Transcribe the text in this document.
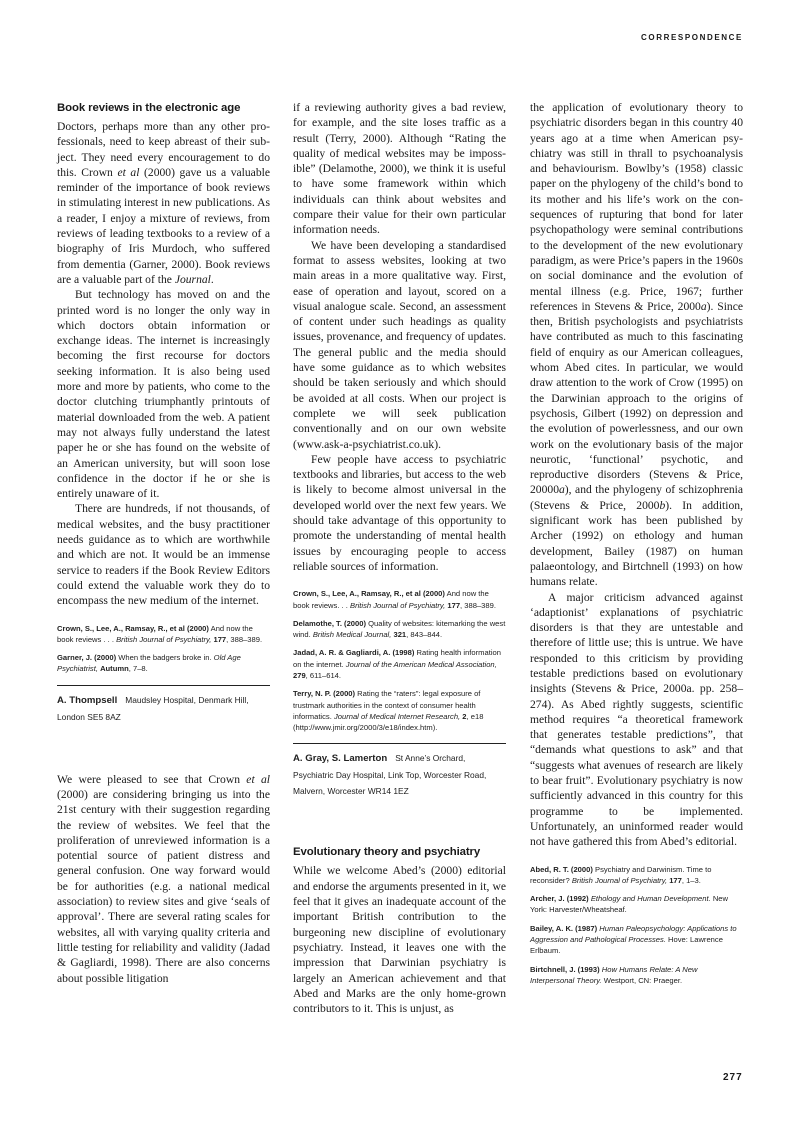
CORRESPONDENCE
Book reviews in the electronic age

Doctors, perhaps more than any other professionals, need to keep abreast of their subject. They need every encouragement to do this. Crown et al (2000) gave us a valuable reminder of the importance of book reviews in stimulating interest in new publications. As a reader, I enjoy a mixture of reviews, from reviews of leading textbooks to a review of a biography of Iris Murdoch, who suffered from dementia (Garner, 2000). Book reviews are a valuable part of the Journal.

But technology has moved on and the printed word is no longer the only way in which doctors obtain information or exchange ideas. The internet is increasingly becoming the first recourse for doctors seeking information. It is also being used more and more by patients, who come to the doctor clutching triumphantly printouts of material downloaded from the web. A patient may not always fully understand the latest paper he or she has found on the website of an American university, but will soon lose confidence in the doctor if he or she is entirely unaware of it.

There are hundreds, if not thousands, of medical websites, and the busy practitioner needs guidance as to which are worthwhile and which are not. It would be an immense service to readers if the Book Review Editors could extend the valuable work they do to encompass the new medium of the internet.

Crown, S., Lee, A., Ramsay, R., et al (2000) And now the book reviews . . . British Journal of Psychiatry, 177, 388–389.
Garner, J. (2000) When the badgers broke in. Old Age Psychiatrist, Autumn, 7–8.
A. Thompsell Maudsley Hospital, Denmark Hill, London SE5 8AZ

We were pleased to see that Crown et al (2000) are considering bringing us into the 21st century with their suggestion regarding the review of websites. We feel that the proliferation of unreviewed information is a potential source of patient distress and general confusion. One way forward would be for authorities (e.g. a national medical association) to review sites and give ‘seals of approval’. There are several rating scales for websites, all with varying quality criteria and little testing for reliability and validity (Jadad & Gagliardi, 1998). There are also concerns about possible litigation

if a reviewing authority gives a bad review, for example, and the site loses traffic as a result (Terry, 2000). Although “Rating the quality of medical websites may be impossible” (Delamothe, 2000), we think it is useful to have some framework within which individuals can think about websites and compare their value for their own particular information needs.

We have been developing a standardised format to assess websites, looking at two main areas in a more qualitative way. First, ease of operation and layout, scored on a visual analogue scale. Second, an assessment of content under such headings as quality issues, provenance, and frequency of updates. The general public and the media should have some guidance as to which websites should be taken seriously and which should be avoided at all costs. When our project is complete we will seek publication conventionally and on our own website (www.ask-a-psychiatrist.co.uk).

Few people have access to psychiatric textbooks and libraries, but access to the web is likely to become almost universal in the developed world over the next few years. We should take advantage of this opportunity to promote the understanding of mental health issues by encouraging people to access reliable sources of information.

Crown, S., Lee, A., Ramsay, R., et al (2000) And now the book reviews. . . British Journal of Psychiatry, 177, 388–389.
Delamothe, T. (2000) Quality of websites: kitemarking the west wind. British Medical Journal, 321, 843–844.
Jadad, A. R. & Gagliardi, A. (1998) Rating health information on the internet. Journal of the American Medical Association, 279, 611–614.
Terry, N. P. (2000) Rating the “raters”: legal exposure of trustmark authorities in the context of consumer health informatics. Journal of Medical Internet Research, 2, e18 (http://www.jmir.org/2000/3/e18/index.htm).
A. Gray, S. Lamerton St Anne’s Orchard, Psychiatric Day Hospital, Link Top, Worcester Road, Malvern, Worcester WR14 1EZ
Evolutionary theory and psychiatry

While we welcome Abed’s (2000) editorial and endorse the arguments presented in it, we feel that it gives an inadequate account of the important British contribution to the burgeoning new discipline of evolutionary psychiatry. Instead, it leaves one with the impression that Darwinian psychiatry is largely an American achievement and that Abed and Marks are the only home-grown contributors to it. This is unjust, as

the application of evolutionary theory to psychiatric disorders began in this country 40 years ago at a time when American psychiatry was still in thrall to psychoanalysis and behaviourism. Bowlby’s (1958) classic paper on the phylogeny of the child’s bond to its mother and his life’s work on the consequences of rupturing that bond for later psychopathology were seminal contributions to the development of the new evolutionary paradigm, as were Price’s papers in the 1960s on social dominance and the evolution of mental illness (e.g. Price, 1967; further references in Stevens & Price, 2000a). Since then, British psychologists and psychiatrists have contributed as much to this fascinating field of enquiry as our American colleagues, whom Abed cites. In particular, we would draw attention to the work of Crow (1995) on the Darwinian approach to the origins of psychosis, Gilbert (1992) on depression and the evolution of powerlessness, and our own work on the evolutionary basis of the major neurotic, ‘functional’ psychotic, and reproductive disorders (Stevens & Price, 20000a), and the phylogeny of schizophrenia (Stevens & Price, 2000b). In addition, significant work has been published by Archer (1992) on ethology and human development, Bailey (1987) on human palaeontology, and Birtchnell (1993) on how humans relate.

A major criticism advanced against ‘adaptionist’ explanations of psychiatric disorders is that they are untestable and therefore of little use; this is untrue. We have responded to this criticism by providing testable predictions based on evolutionary insights (Stevens & Price, 2000a. pp. 258–274). As Abed rightly suggests, scientific method requires “a theoretical framework that generates testable predictions”, that “demands what questions to ask” and that “suggests what avenues of research are likely to bear fruit”. Evolutionary psychiatry is now sufficiently advanced in this country for this programme to be implemented. Unfortunately, an uninformed reader would not have gathered this from Abed’s editorial.

Abed, R. T. (2000) Psychiatry and Darwinism. Time to reconsider? British Journal of Psychiatry, 177, 1–3.
Archer, J. (1992) Ethology and Human Development. New York: Harvester/Wheatsheaf.
Bailey, A. K. (1987) Human Paleopsychology: Applications to Aggression and Pathological Processes. Hove: Lawrence Erlbaum.
Birtchnell, J. (1993) How Humans Relate: A New Interpersonal Theory. Westport, CN: Praeger.
277
